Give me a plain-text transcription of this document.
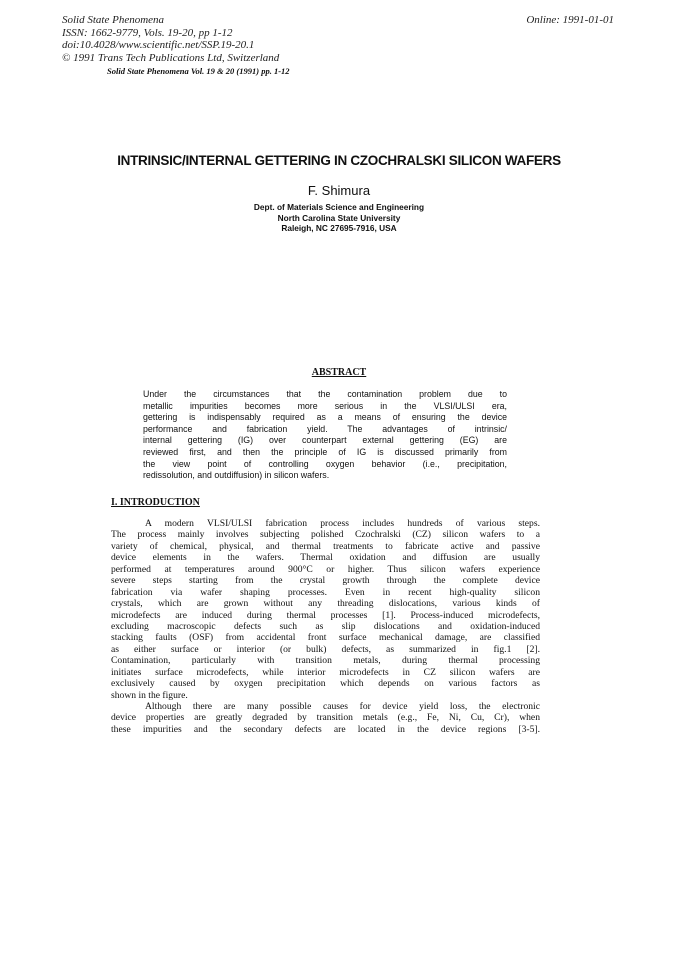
Solid State Phenomena
ISSN: 1662-9779, Vols. 19-20, pp 1-12
doi:10.4028/www.scientific.net/SSP.19-20.1
© 1991 Trans Tech Publications Ltd, Switzerland
Online: 1991-01-01
Solid State Phenomena Vol. 19 & 20 (1991) pp. 1-12
INTRINSIC/INTERNAL GETTERING IN CZOCHRALSKI SILICON WAFERS
F. Shimura
Dept. of Materials Science and Engineering
North Carolina State University
Raleigh, NC 27695-7916, USA
ABSTRACT
Under the circumstances that the contamination problem due to
metallic impurities becomes more serious in the VLSI/ULSI era,
gettering is indispensably required as a means of ensuring the device
performance and fabrication yield. The advantages of intrinsic/
internal gettering (IG) over counterpart external gettering (EG) are
reviewed first, and then the principle of IG is discussed primarily from
the view point of controlling oxygen behavior (i.e., precipitation,
redissolution, and outdiffusion) in silicon wafers.
I. INTRODUCTION
A modern VLSI/ULSI fabrication process includes hundreds of various steps.
The process mainly involves subjecting polished Czochralski (CZ) silicon wafers to a
variety of chemical, physical, and thermal treatments to fabricate active and passive
device elements in the wafers. Thermal oxidation and diffusion are usually
performed at temperatures around 900°C or higher. Thus silicon wafers experience
severe steps starting from the crystal growth through the complete device
fabrication via wafer shaping processes. Even in recent high-quality silicon
crystals, which are grown without any threading dislocations, various kinds of
microdefects are induced during thermal processes [1]. Process-induced microdefects,
excluding macroscopic defects such as slip dislocations and oxidation-induced
stacking faults (OSF) from accidental front surface mechanical damage, are classified
as either surface or interior (or bulk) defects, as summarized in fig.1 [2].
Contamination, particularly with transition metals, during thermal processing
initiates surface microdefects, while interior microdefects in CZ silicon wafers are
exclusively caused by oxygen precipitation which depends on various factors as
shown in the figure.
Although there are many possible causes for device yield loss, the electronic
device properties are greatly degraded by transition metals (e.g., Fe, Ni, Cu, Cr), when
these impurities and the secondary defects are located in the device regions [3-5].
